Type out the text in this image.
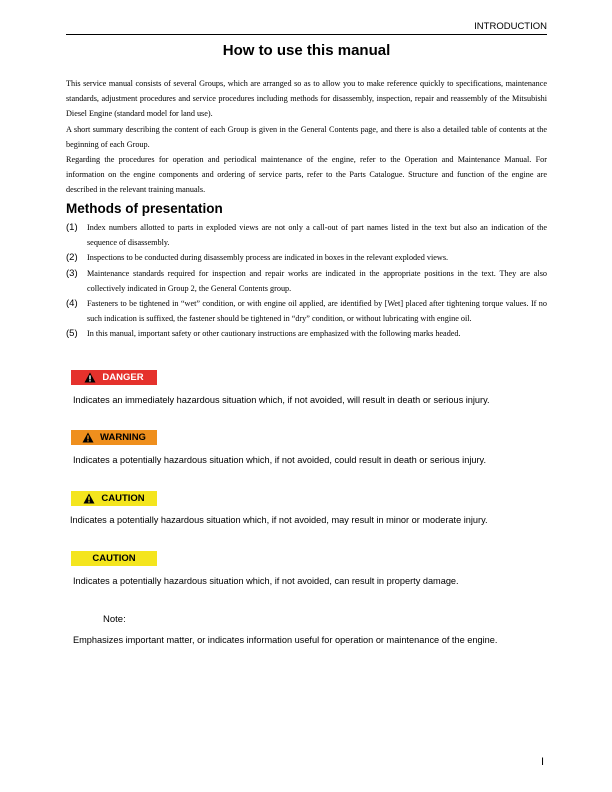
INTRODUCTION
How to use this manual

This service manual consists of several Groups, which are arranged so as to allow you to make reference quickly to specifications, maintenance standards, adjustment procedures and service procedures including methods for disassembly, inspection, repair and reassembly of the Mitsubishi Diesel Engine (standard model for land use).

A short summary describing the content of each Group is given in the General Contents page, and there is also a detailed table of contents at the beginning of each Group.

Regarding the procedures for operation and periodical maintenance of the engine, refer to the Operation and Maintenance Manual. For information on the engine components and ordering of service parts, refer to the Parts Catalogue. Structure and function of the engine are described in the relevant training manuals.

Methods of presentation
(1)	Index numbers allotted to parts in exploded views are not only a call-out of part names listed in the text but also an indication of the sequence of disassembly.
(2)	Inspections to be conducted during disassembly process are indicated in boxes in the relevant exploded views.
(3)	Maintenance standards required for inspection and repair works are indicated in the appropriate positions in the text. They are also collectively indicated in Group 2, the General Contents group.
(4)	Fasteners to be tightened in “wet” condition, or with engine oil applied, are identified by [Wet] placed after tightening torque values. If no such indication is suffixed, the fastener should be tightened in “dry” condition, or without lubricating with engine oil.
(5)	In this manual, important safety or other cautionary instructions are emphasized with the following marks headed.
DANGER
Indicates an immediately hazardous situation which, if not avoided, will result in death or serious injury.
WARNING
Indicates a potentially hazardous situation which, if not avoided, could result in death or serious injury.
CAUTION
Indicates a potentially hazardous situation which, if not avoided, may result in minor or moderate injury.
CAUTION
Indicates a potentially hazardous situation which, if not avoided, can result in property damage.
Note:
Emphasizes important matter, or indicates information useful for operation or maintenance of the engine.
I
